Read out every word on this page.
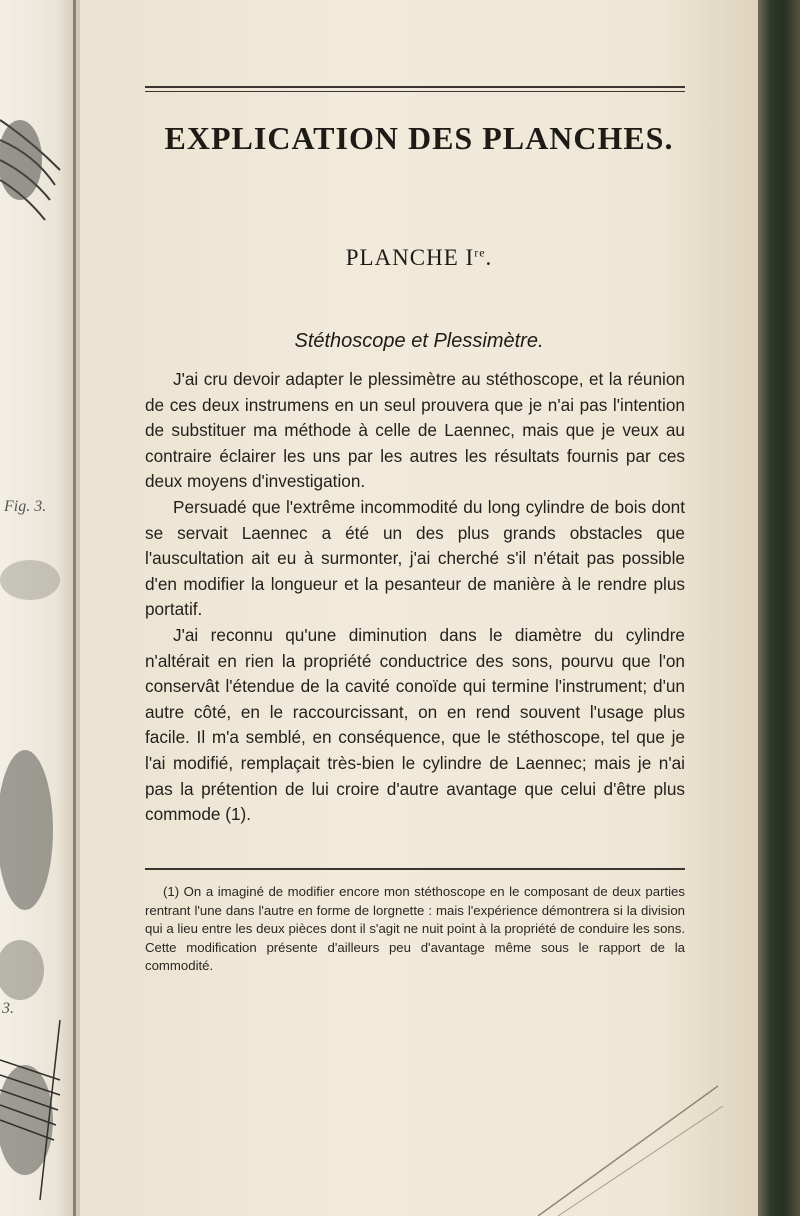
Fig. 3.
3.
EXPLICATION DES PLANCHES.
PLANCHE Ire.
Stéthoscope et Plessimètre.

J'ai cru devoir adapter le plessimètre au stéthoscope, et la réunion de ces deux instrumens en un seul prouvera que je n'ai pas l'intention de substituer ma méthode à celle de Laennec, mais que je veux au contraire éclairer les uns par les autres les résultats fournis par ces deux moyens d'investigation.

Persuadé que l'extrême incommodité du long cylindre de bois dont se servait Laennec a été un des plus grands obstacles que l'auscultation ait eu à surmonter, j'ai cherché s'il n'était pas possible d'en modifier la longueur et la pesanteur de manière à le rendre plus portatif.

J'ai reconnu qu'une diminution dans le diamètre du cylindre n'altérait en rien la propriété conductrice des sons, pourvu que l'on conservât l'étendue de la cavité conoïde qui termine l'instrument; d'un autre côté, en le raccourcissant, on en rend souvent l'usage plus facile. Il m'a semblé, en conséquence, que le stéthoscope, tel que je l'ai modifié, remplaçait très-bien le cylindre de Laennec; mais je n'ai pas la prétention de lui croire d'autre avantage que celui d'être plus commode (1).

(1) On a imaginé de modifier encore mon stéthoscope en le composant de deux parties rentrant l'une dans l'autre en forme de lorgnette : mais l'expérience démontrera si la division qui a lieu entre les deux pièces dont il s'agit ne nuit point à la propriété de conduire les sons. Cette modification présente d'ailleurs peu d'avantage même sous le rapport de la commodité.
